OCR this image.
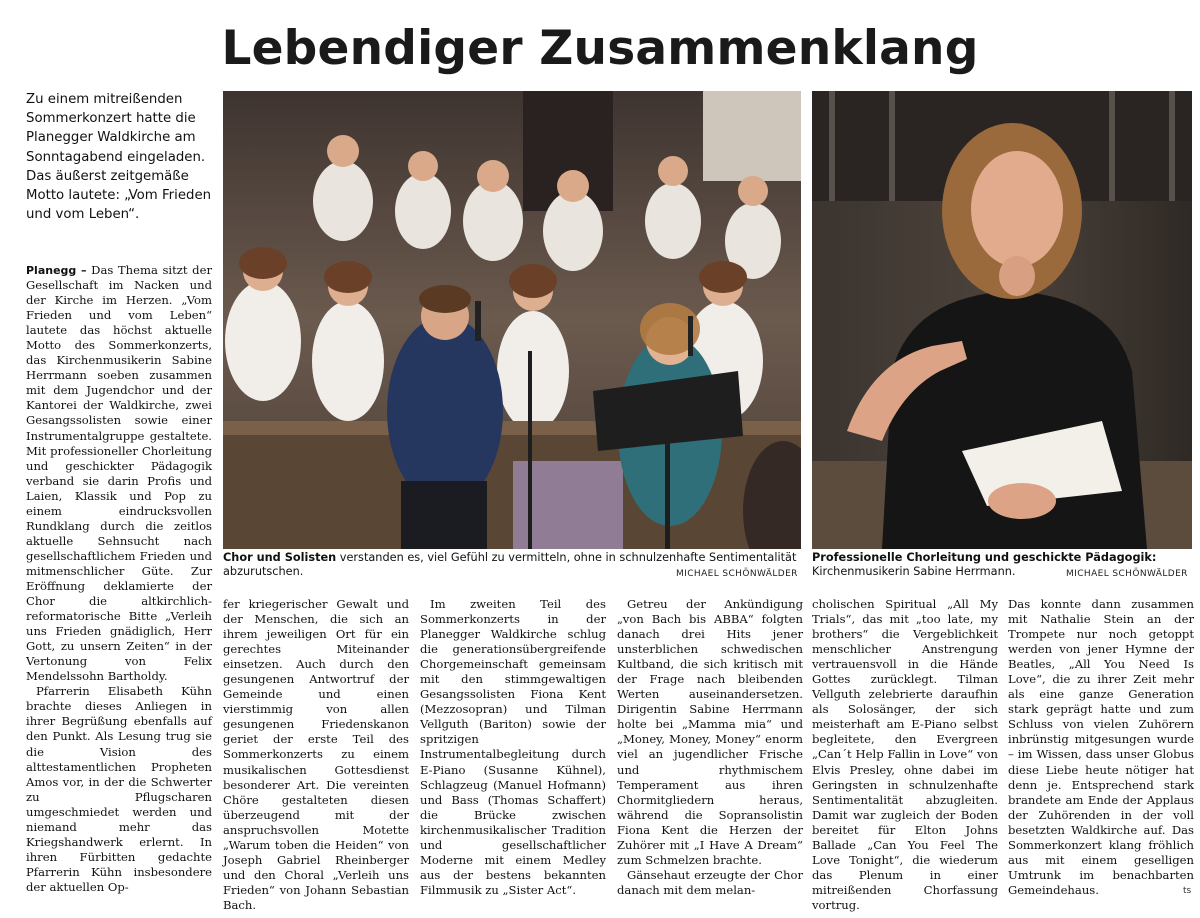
Lebendiger Zusammenklang
Zu einem mitreißenden Sommerkonzert hatte die Planegger Waldkirche am Sonntagabend eingeladen. Das äußerst zeitgemäße Motto lautete: „Vom Frieden und vom Leben“.
Chor und Solisten verstanden es, viel Gefühl zu vermitteln, ohne in schnulzenhafte Sentimentalität abzurutschen.	MICHAEL SCHÖNWÄLDER
Professionelle Chorleitung und geschickte Pädagogik: Kirchenmusikerin Sabine Herrmann.	MICHAEL SCHÖNWÄLDER

Planegg – Das Thema sitzt der Gesellschaft im Nacken und der Kirche im Herzen. „Vom Frieden und vom Leben“ lautete das höchst aktuelle Motto des Sommerkonzerts, das Kirchenmusikerin Sabine Herrmann soeben zusammen mit dem Jugendchor und der Kantorei der Waldkirche, zwei Gesangssolisten sowie einer Instrumentalgruppe gestaltete. Mit professioneller Chorleitung und geschickter Pädagogik verband sie darin Profis und Laien, Klassik und Pop zu einem eindrucksvollen Rundklang durch die zeitlos aktuelle Sehnsucht nach gesellschaftlichem Frieden und mitmenschlicher Güte. Zur Eröffnung deklamierte der Chor die altkirchlich-reformatorische Bitte „Verleih uns Frieden gnädiglich, Herr Gott, zu unsern Zeiten“ in der Vertonung von Felix Mendelssohn Bartholdy.

Pfarrerin Elisabeth Kühn brachte dieses Anliegen in ihrer Begrüßung ebenfalls auf den Punkt. Als Lesung trug sie die Vision des alttestamentlichen Propheten Amos vor, in der die Schwerter zu Pflugscharen umgeschmiedet werden und niemand mehr das Kriegshandwerk erlernt. In ihren Fürbitten gedachte Pfarrerin Kühn insbesondere der aktuellen Op-

fer kriegerischer Gewalt und der Menschen, die sich an ihrem jeweiligen Ort für ein gerechtes Miteinander einsetzen. Auch durch den gesungenen Antwortruf der Gemeinde und einen vierstimmig von allen gesungenen Friedenskanon geriet der erste Teil des Sommerkonzerts zu einem musikalischen Gottesdienst besonderer Art. Die vereinten Chöre gestalteten diesen überzeugend mit der anspruchsvollen Motette „Warum toben die Heiden“ von Joseph Gabriel Rheinberger und den Choral „Verleih uns Frieden“ von Johann Sebastian Bach.

Im zweiten Teil des Sommerkonzerts in der Planegger Waldkirche schlug die generationsübergreifende Chorgemeinschaft gemeinsam mit den stimmgewaltigen Gesangssolisten Fiona Kent (Mezzosopran) und Tilman Vellguth (Bariton) sowie der spritzigen Instrumentalbegleitung durch E-Piano (Susanne Kühnel), Schlagzeug (Manuel Hofmann) und Bass (Thomas Schaffert) die Brücke zwischen kirchenmusikalischer Tradition und gesellschaftlicher Moderne mit einem Medley aus der bestens bekannten Filmmusik zu „Sister Act“.

Getreu der Ankündigung „von Bach bis ABBA“ folgten danach drei Hits jener unsterblichen schwedischen Kultband, die sich kritisch mit der Frage nach bleibenden Werten auseinandersetzen. Dirigentin Sabine Herrmann holte bei „Mamma mia“ und „Money, Money, Money“ enorm viel an jugendlicher Frische und rhythmischem Temperament aus ihren Chormitgliedern heraus, während die Sopransolistin Fiona Kent die Herzen der Zuhörer mit „I Have A Dream“ zum Schmelzen brachte.

Gänsehaut erzeugte der Chor danach mit dem melan-

cholischen Spiritual „All My Trials“, das mit „too late, my brothers“ die Vergeblichkeit menschlicher Anstrengung vertrauensvoll in die Hände Gottes zurücklegt. Tilman Vellguth zelebrierte daraufhin als Solosänger, der sich meisterhaft am E-Piano selbst begleitete, den Evergreen „Can´t Help Fallin in Love“ von Elvis Presley, ohne dabei im Geringsten in schnulzenhafte Sentimentalität abzugleiten. Damit war zugleich der Boden bereitet für Elton Johns Ballade „Can You Feel The Love Tonight“, die wiederum das Plenum in einer mitreißenden Chorfassung vortrug.

Das konnte dann zusammen mit Nathalie Stein an der Trompete nur noch getoppt werden von jener Hymne der Beatles, „All You Need Is Love“, die zu ihrer Zeit mehr als eine ganze Generation stark geprägt hatte und zum Schluss von vielen Zuhörern inbrünstig mitgesungen wurde – im Wissen, dass unser Globus diese Liebe heute nötiger hat denn je. Entsprechend stark brandete am Ende der Applaus der Zuhörenden in der voll besetzten Waldkirche auf. Das Sommerkonzert klang fröhlich aus mit einem geselligen Umtrunk im benachbarten Gemeindehaus.	ts
